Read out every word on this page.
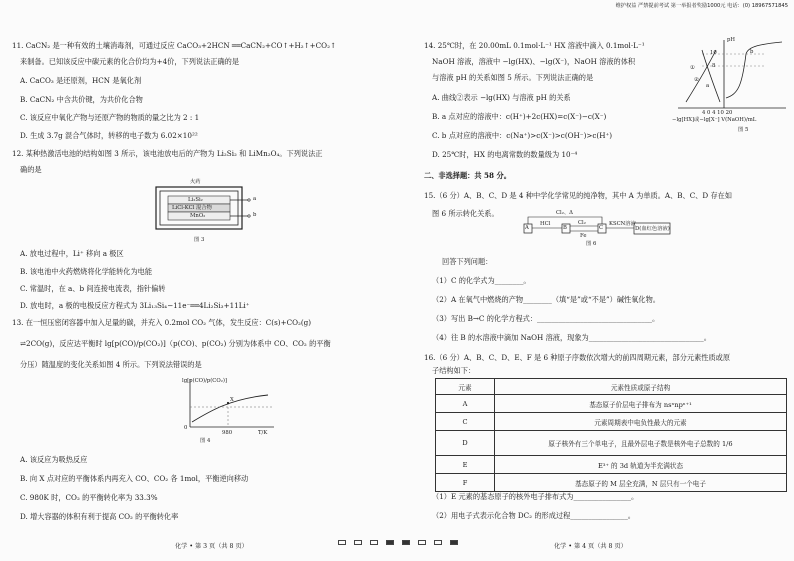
维护权益 严禁提前考试 第一举报者奖励1000元 电话：(0) 18967571845
11. CaCN₂ 是一种有效的土壤消毒剂，可通过反应 CaCO₃+2HCN ══CaCN₂+CO↑+H₂↑+CO₂↑
来制备。已知该反应中碳元素的化合价均为+4价，下列说法正确的是
A. CaCO₃ 是还原剂，HCN 是氧化剂
B. CaCN₂ 中含共价键，为共价化合物
C. 该反应中氧化产物与还原产物的物质的量之比为 2 : 1
D. 生成 3.7g 混合气体时，转移的电子数为 6.02×10²²
12. 某种热激活电池的结构如图 3 所示，该电池放电后的产物为 Li₂Si₂ 和 LiMn₂O₄。下列说法正
确的是
火药
Li₂Si₂
LiCl-KCl 混合物
MnO₂
a
b
图 3
A. 放电过程中，Li⁺ 移向 a 极区
B. 该电池中火药燃烧将化学能转化为电能
C. 常温时，在 a、b 间连接电流表，指针偏转
D. 放电时，a 极的电极反应方程式为 3Li₁₃Si₄−11e⁻══4Li₂Si₃+11Li⁺
13. 在一恒压密闭容器中加入足量的碳，并充入 0.2mol CO₂ 气体，发生反应：C(s)+CO₂(g)
⇌2CO(g)，反应达平衡时 lg[p(CO)/p(CO₂)]（p(CO)、p(CO₂) 分别为体系中 CO、CO₂ 的平衡
分压）随温度的变化关系如图 4 所示。下列说法错误的是
lg[p(CO)/p(CO₂)]
0
X
980	T/K
图 4
A. 该反应为吸热反应
B. 向 X 点对应的平衡体系内再充入 CO、CO₂ 各 1mol，平衡逆向移动
C. 980K 时，CO₂ 的平衡转化率为 33.3%
D. 增大容器的体积有利于提高 CO₂ 的平衡转化率
化学 • 第 3 页（共 8 页）
14. 25℃时，在 20.00mL 0.1mol·L⁻¹ HX 溶液中滴入 0.1mol·L⁻¹
NaOH 溶液，溶液中 −lg(HX)、−lg(X⁻)，NaOH 溶液的体积
与溶液 pH 的关系如图 5 所示。下列说法正确的是
A. 曲线②表示 −lg(HX) 与溶液 pH 的关系
B. a 点对应的溶液中：c(H⁺)+2c(HX)=c(X⁻)−c(X⁻)
C. b 点对应的溶液中：c(Na⁺)>c(X⁻)>c(OH⁻)>c(H⁺)
D. 25℃时，HX 的电离常数的数量级为 10⁻⁴
pH
10
8
①
②
a
b
4 0 4 10 20
−lg[HX]或−lg[X⁻] V(NaOH)/mL
图 5
二、非选择题：共 58 分。
15.（6 分）A、B、C、D 是 4 种中学化学常见的纯净物，其中 A 为单质。A、B、C、D 存在如
图 6 所示转化关系。	Cl₂、Δ
A	B	C
HCl	Cl₂
Fe
KSCN溶液
D(血红色溶液)
图 6
回答下列问题：
（1）C 的化学式为________。
（2）A 在氧气中燃烧的产物________（填“是”或“不是”）碱性氧化物。
（3）写出 B→C 的化学方程式：________________________________。
（4）往 B 的水溶液中滴加 NaOH 溶液，现象为________________________________。
16.（6 分）A、B、C、D、E、F 是 6 种原子序数依次增大的前四周期元素，部分元素性质或原
子结构如下：
元素	元素性质或原子结构
A	基态原子价层电子排布为 nsⁿnpⁿ⁺¹
C	元素周期表中电负性最大的元素
D	原子核外有三个单电子，且最外层电子数是核外电子总数的 1/6
E	E³⁺ 的 3d 轨道为半充满状态
F	基态原子的 M 层全充满，N 层只有一个电子
（1）E 元素的基态原子的核外电子排布式为________________。
（2）用电子式表示化合物 DC₂ 的形成过程________________。
化学 • 第 4 页（共 8 页）
